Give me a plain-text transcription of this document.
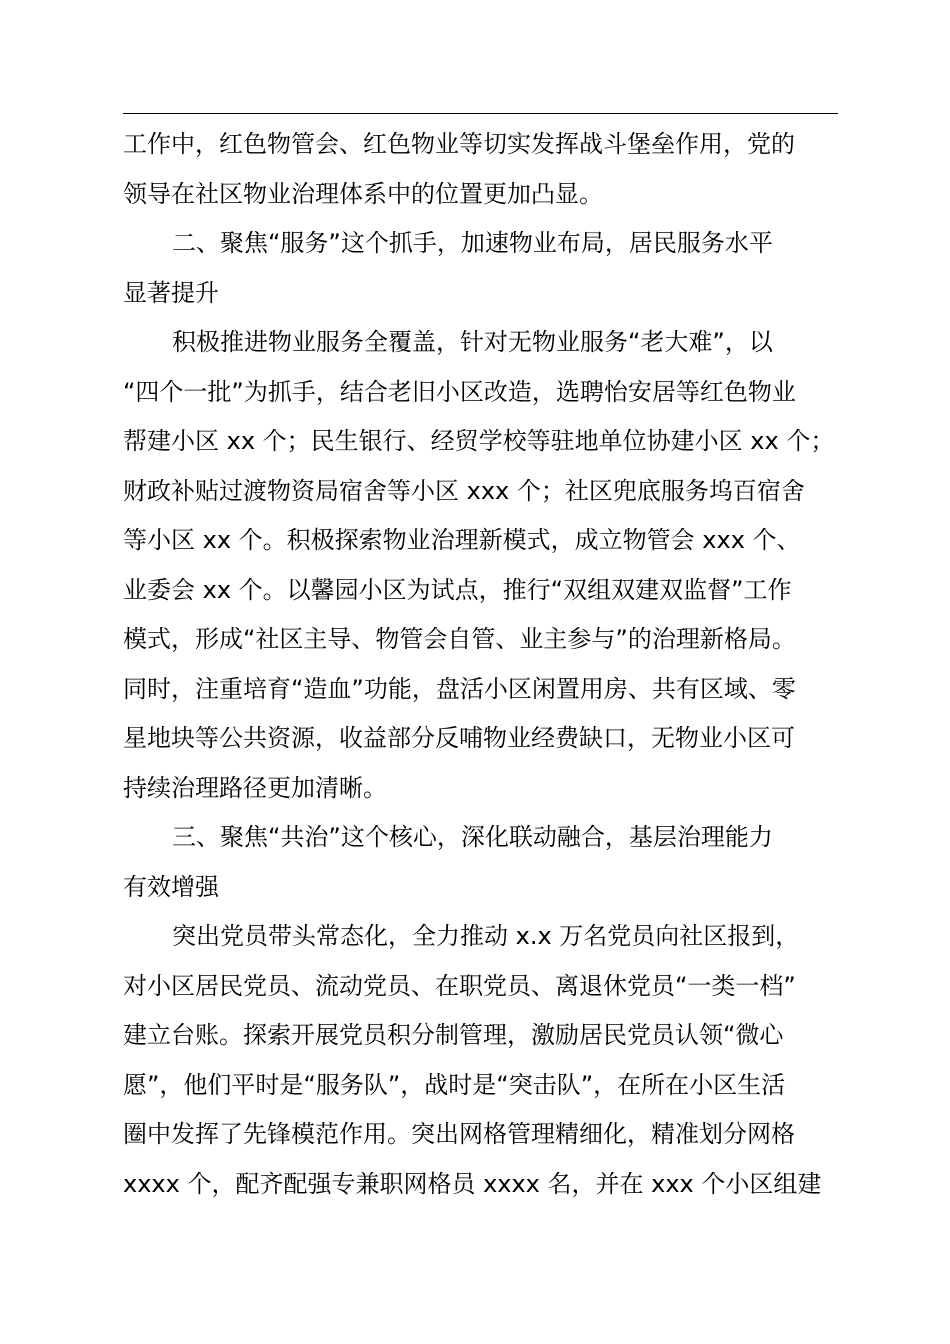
工作中，红色物管会、红色物业等切实发挥战斗堡垒作用，党的
领导在社区物业治理体系中的位置更加凸显。
二、聚焦“服务”这个抓手，加速物业布局，居民服务水平
显著提升
积极推进物业服务全覆盖，针对无物业服务“老大难”，以
“四个一批”为抓手，结合老旧小区改造，选聘怡安居等红色物业
帮建小区 xx 个；民生银行、经贸学校等驻地单位协建小区 xx 个；
财政补贴过渡物资局宿舍等小区 xxx 个；社区兜底服务坞百宿舍
等小区 xx 个。积极探索物业治理新模式，成立物管会 xxx 个、
业委会 xx 个。以馨园小区为试点，推行“双组双建双监督”工作
模式，形成“社区主导、物管会自管、业主参与”的治理新格局。
同时，注重培育“造血”功能，盘活小区闲置用房、共有区域、零
星地块等公共资源，收益部分反哺物业经费缺口，无物业小区可
持续治理路径更加清晰。
三、聚焦“共治”这个核心，深化联动融合，基层治理能力
有效增强
突出党员带头常态化，全力推动 x.x 万名党员向社区报到，
对小区居民党员、流动党员、在职党员、离退休党员“一类一档”
建立台账。探索开展党员积分制管理，激励居民党员认领“微心
愿”，他们平时是“服务队”，战时是“突击队”，在所在小区生活
圈中发挥了先锋模范作用。突出网格管理精细化，精准划分网格
xxxx 个，配齐配强专兼职网格员 xxxx 名，并在 xxx 个小区组建
